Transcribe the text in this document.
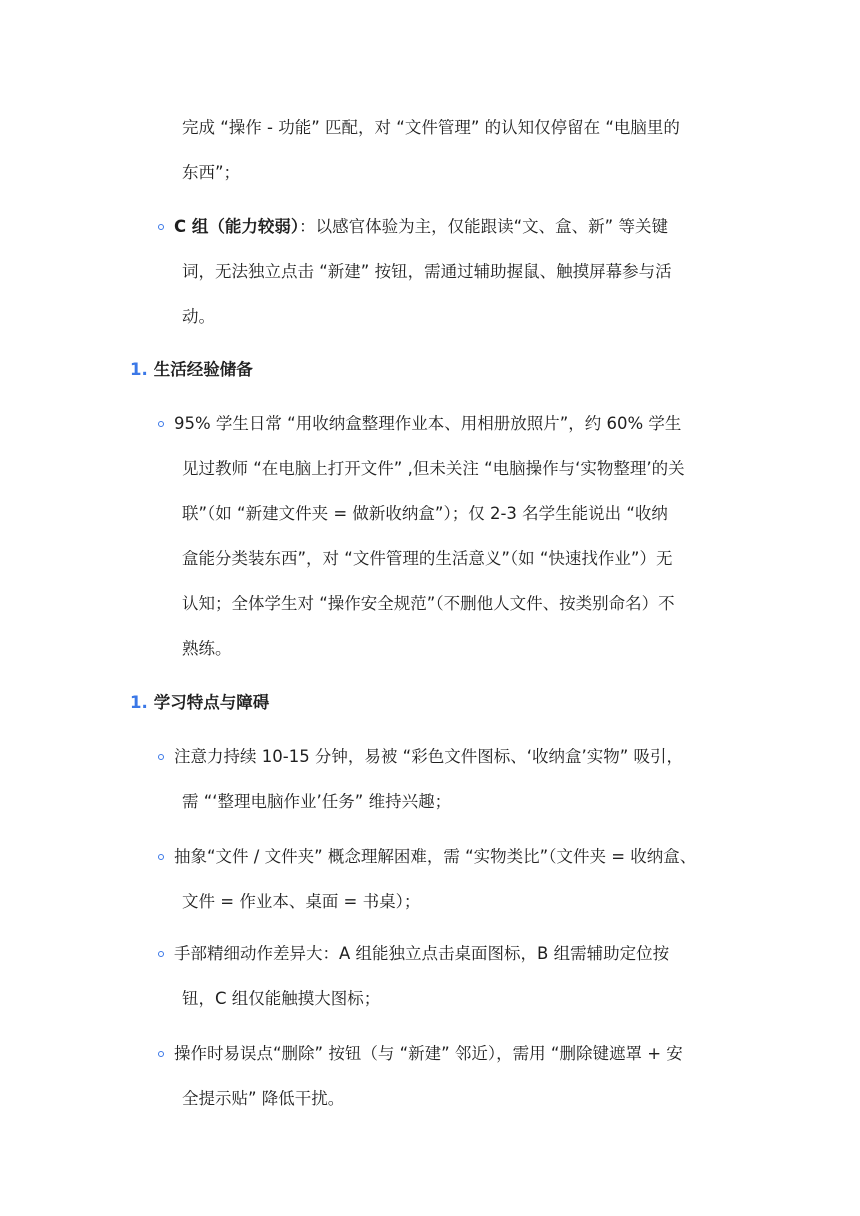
完成 “操作 - 功能” 匹配，对 “文件管理” 的认知仅停留在 “电脑里的
东西”；
C 组（能力较弱）：以感官体验为主，仅能跟读“文、盒、新” 等关键
词，无法独立点击 “新建” 按钮，需通过辅助握鼠、触摸屏幕参与活
动。
1. 生活经验储备
95% 学生日常 “用收纳盒整理作业本、用相册放照片”，约 60% 学生
见过教师 “在电脑上打开文件” ,但未关注 “电脑操作与‘实物整理’的关
联”（如 “新建文件夹 = 做新收纳盒”）；仅 2-3 名学生能说出 “收纳
盒能分类装东西”，对 “文件管理的生活意义”（如 “快速找作业”）无
认知；全体学生对 “操作安全规范”（不删他人文件、按类别命名）不
熟练。
1. 学习特点与障碍
注意力持续 10-15 分钟，易被 “彩色文件图标、‘收纳盒’实物” 吸引，
需 “‘整理电脑作业’任务” 维持兴趣；
抽象“文件 / 文件夹” 概念理解困难，需 “实物类比”（文件夹 = 收纳盒、
文件 = 作业本、桌面 = 书桌）；
手部精细动作差异大：A 组能独立点击桌面图标，B 组需辅助定位按
钮，C 组仅能触摸大图标；
操作时易误点“删除” 按钮（与 “新建” 邻近），需用 “删除键遮罩 + 安
全提示贴” 降低干扰。
